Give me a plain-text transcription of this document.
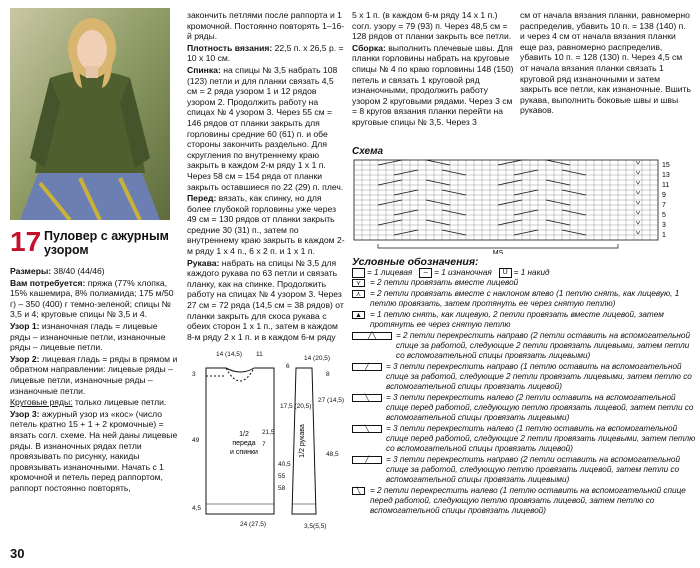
17 Пуловер с ажурным узором

Размеры: 38/40 (44/46)

Вам потребуется: пряжа (77% хлопка, 15% кашемира, 8% полиамида; 175 м/50 г) – 350 (400) г темно-зеленой; спицы № 3,5 и 4; круговые спицы № 3,5 и 4.

Узор 1: изнаночная гладь = лицевые ряды – изнаночные петли, изнаночные ряды – лицевые петли.

Узор 2: лицевая гладь = ряды в прямом и обратном направлении: лицевые ряды – лицевые петли, изнаночные ряды – изнаночные петли.

Круговые ряды: только лицевые петли.

Узор 3: ажурный узор из «кос» (число петель кратно 15 + 1 + 2 кромочные) = вязать согл. схеме. На ней даны лицевые ряды. В изнаночных рядах петли провязывать по рисунку, накиды провязывать изнаночными. Начать с 1 кромочной и петель перед раппортом, раппорт постоянно повторять,

закончить петлями после раппорта и 1 кромочной. Постоянно повторять 1–16-й ряды.

Плотность вязания: 22,5 п. х 26,5 р. = 10 х 10 см.

Спинка: на спицы № 3,5 набрать 108 (123) петли и для планки связать 4,5 см = 2 ряда узором 1 и 12 рядов узором 2. Продолжить работу на спицах № 4 узором 3. Через 55 см = 146 рядов от планки закрыть для горловины средние 60 (61) п. и обе стороны закончить раздельно. Для скругления по внутреннему краю закрыть в каждом 2-м ряду 1 х 1 п. Через 58 см = 154 ряда от планки закрыть оставшиеся по 22 (29) п. плеч.

Перед: вязать, как спинку, но для более глубокой горловины уже через 49 см = 130 рядов от планки закрыть средние 30 (31) п., затем по внутреннему краю закрыть в каждом 2-м ряду 1 х 4 п., 6 х 2 п. и 1 х 1 п.

Рукава: набрать на спицы № 3,5 для каждого рукава по 63 петли и связать планку, как на спинке. Продолжить работу на спицах № 4 узором 3. Через 27 см = 72 ряда (14,5 см = 38 рядов) от планки закрыть для скоса рукава с обеих сторон 1 х 1 п., затем в каждом 8-м ряду 2 х 1 п. и в каждом 6-м ряду

5 х 1 п. (в каждом 6-м ряду 14 х 1 п.) согл. узору = 79 (93) п. Через 48,5 см = 128 рядов от планки закрыть все петли.

Сборка: выполнить плечевые швы. Для планки горловины набрать на круговые спицы № 4 по краю горловины 148 (150) петель и связать 1 круговой ряд изнаночными, продолжить работу узором 2 круговыми рядами. Через 3 см = 8 кругов вязания планки перейти на круговые спицы № 3,5. Через 3

см от начала вязания планки, равномерно распределив, убавить 10 п. = 138 (140) п. и через 4 см от начала вязания планки еще раз, равномерно распределив, убавить 10 п. = 128 (130) п. Через 4,5 см от начала вязания планки связать 1 круговой ряд изнаночными и затем закрыть все петли, как изнаночные. Вшить рукава, выполнить боковые швы и швы рукавов.

Схема
15
13
11
9
7
5
3
1
MS
Условные обозначения:
= 1 лицевая – = 1 изнаночная U = 1 накид
⋎	= 2 петли провязать вместе лицевой
⋏	= 2 петли провязать вместе с наклоном влево (1 петлю снять, как лицевую, 1 петлю провязать, затем протянуть ее через снятую петлю)
▲ = 1 петлю снять, как лицевую, 2 петли провязать вместе лицевой, затем протянуть ее через снятую петлю
╱╲	= 2 петли перекрестить направо (2 петли оставить на вспомогательной спице за работой, следующие 2 петли провязать лицевыми, затем петли со вспомогательной спицы провязать лицевыми)
╱	= 3 петли перекрестить направо (1 петлю оставить на вспомогательной спице за работой, следующие 2 петли провязать лицевыми, затем петлю со вспомогательной спицы провязать лицевой)
╲	= 3 петли перекрестить налево (2 петли оставить на вспомогательной спице перед работой, следующую петлю провязать лицевой, затем петли со вспомогательной спицы провязать лицевыми)
╲	= 3 петли перекрестить налево (1 петлю оставить на вспомогательной спице перед работой, следующие 2 петли провязать лицевыми, затем петлю со вспомогательной спицы провязать лицевой)
╱	= 3 петли перекрестить направо (2 петли оставить на вспомогательной спице за работой, следующую петлю провязать лицевой, затем петли со вспомогательной спицы провязать лицевыми)
╲	= 2 петли перекрестить налево (1 петлю оставить на вспомогательной спице перед работой, следующую петлю провязать лицевой, затем петлю со вспомогательной спицы провязать лицевой)
1/2 переда и спинки	1/2 рукава
14 (14,5) 11
3
6
17,5 (20,5)
21,5
7
49
40,5
55
58
27 (14,5)
48,5
4,5
24 (27,5)	3,5(5,5)
14 (20,5)
8
30
